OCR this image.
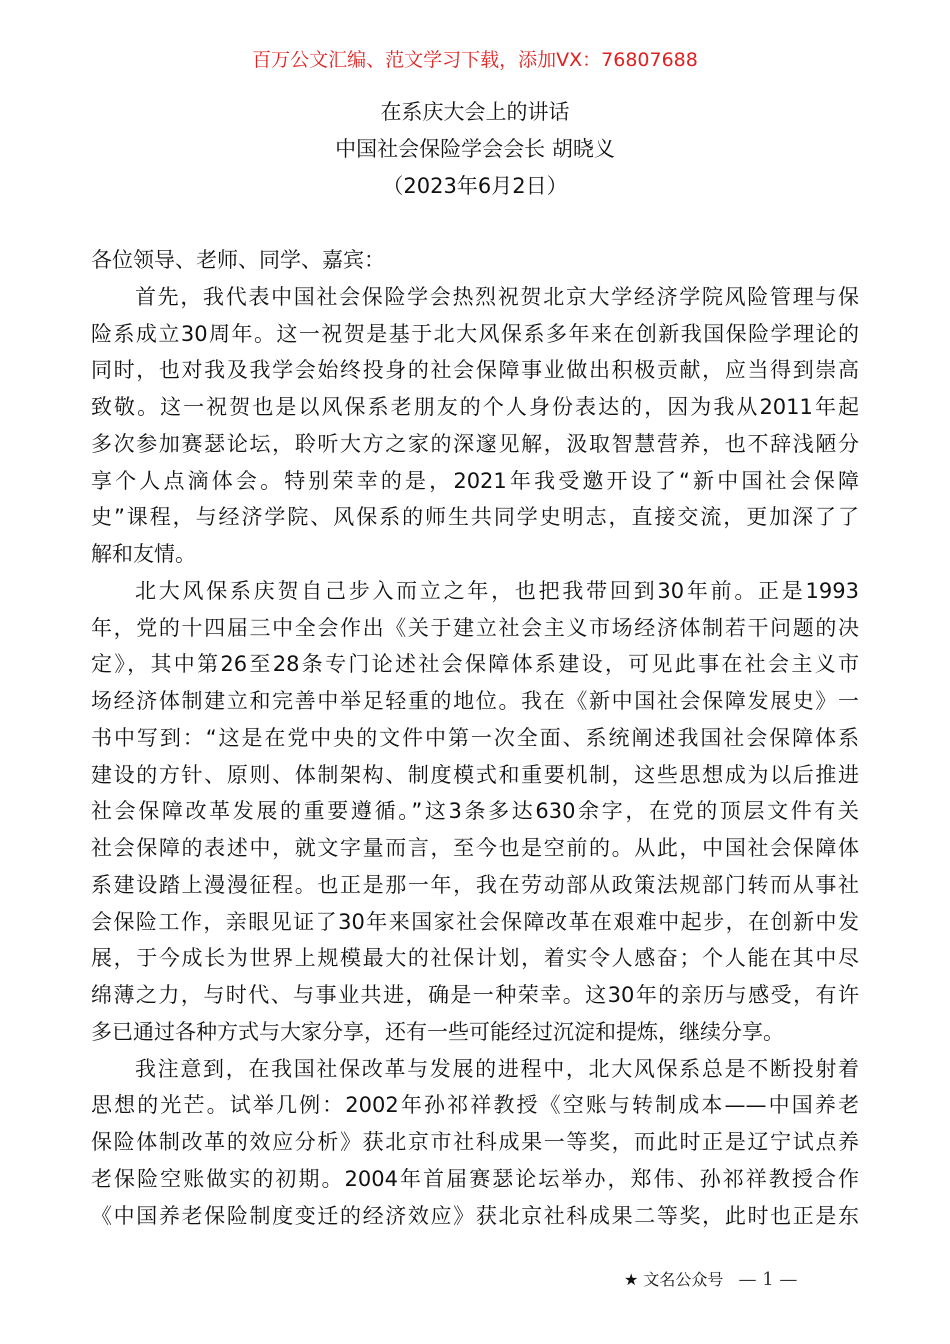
百万公文汇编、范文学习下载，添加VX：76807688
在系庆大会上的讲话
中国社会保险学会会长 胡晓义
（2023年6月2日）
各位领导、老师、同学、嘉宾：
首先，我代表中国社会保险学会热烈祝贺北京大学经济学院风险管理与保
险系成立30周年。这一祝贺是基于北大风保系多年来在创新我国保险学理论的
同时，也对我及我学会始终投身的社会保障事业做出积极贡献，应当得到崇高
致敬。这一祝贺也是以风保系老朋友的个人身份表达的，因为我从2011年起
多次参加赛瑟论坛，聆听大方之家的深邃见解，汲取智慧营养，也不辞浅陋分
享个人点滴体会。特别荣幸的是，2021年我受邀开设了“新中国社会保障
史”课程，与经济学院、风保系的师生共同学史明志，直接交流，更加深了了
解和友情。
北大风保系庆贺自己步入而立之年，也把我带回到30年前。正是1993
年，党的十四届三中全会作出《关于建立社会主义市场经济体制若干问题的决
定》，其中第26至28条专门论述社会保障体系建设，可见此事在社会主义市
场经济体制建立和完善中举足轻重的地位。我在《新中国社会保障发展史》一
书中写到：“这是在党中央的文件中第一次全面、系统阐述我国社会保障体系
建设的方针、原则、体制架构、制度模式和重要机制，这些思想成为以后推进
社会保障改革发展的重要遵循。”这3条多达630余字，在党的顶层文件有关
社会保障的表述中，就文字量而言，至今也是空前的。从此，中国社会保障体
系建设踏上漫漫征程。也正是那一年，我在劳动部从政策法规部门转而从事社
会保险工作，亲眼见证了30年来国家社会保障改革在艰难中起步，在创新中发
展，于今成长为世界上规模最大的社保计划，着实令人感奋；个人能在其中尽
绵薄之力，与时代、与事业共进，确是一种荣幸。这30年的亲历与感受，有许
多已通过各种方式与大家分享，还有一些可能经过沉淀和提炼，继续分享。
我注意到，在我国社保改革与发展的进程中，北大风保系总是不断投射着
思想的光芒。试举几例：2002年孙祁祥教授《空账与转制成本——中国养老
保险体制改革的效应分析》获北京市社科成果一等奖，而此时正是辽宁试点养
老保险空账做实的初期。2004年首届赛瑟论坛举办，郑伟、孙祁祥教授合作
《中国养老保险制度变迁的经济效应》获北京社科成果二等奖，此时也正是东
★ 文名公众号 — 1 —
